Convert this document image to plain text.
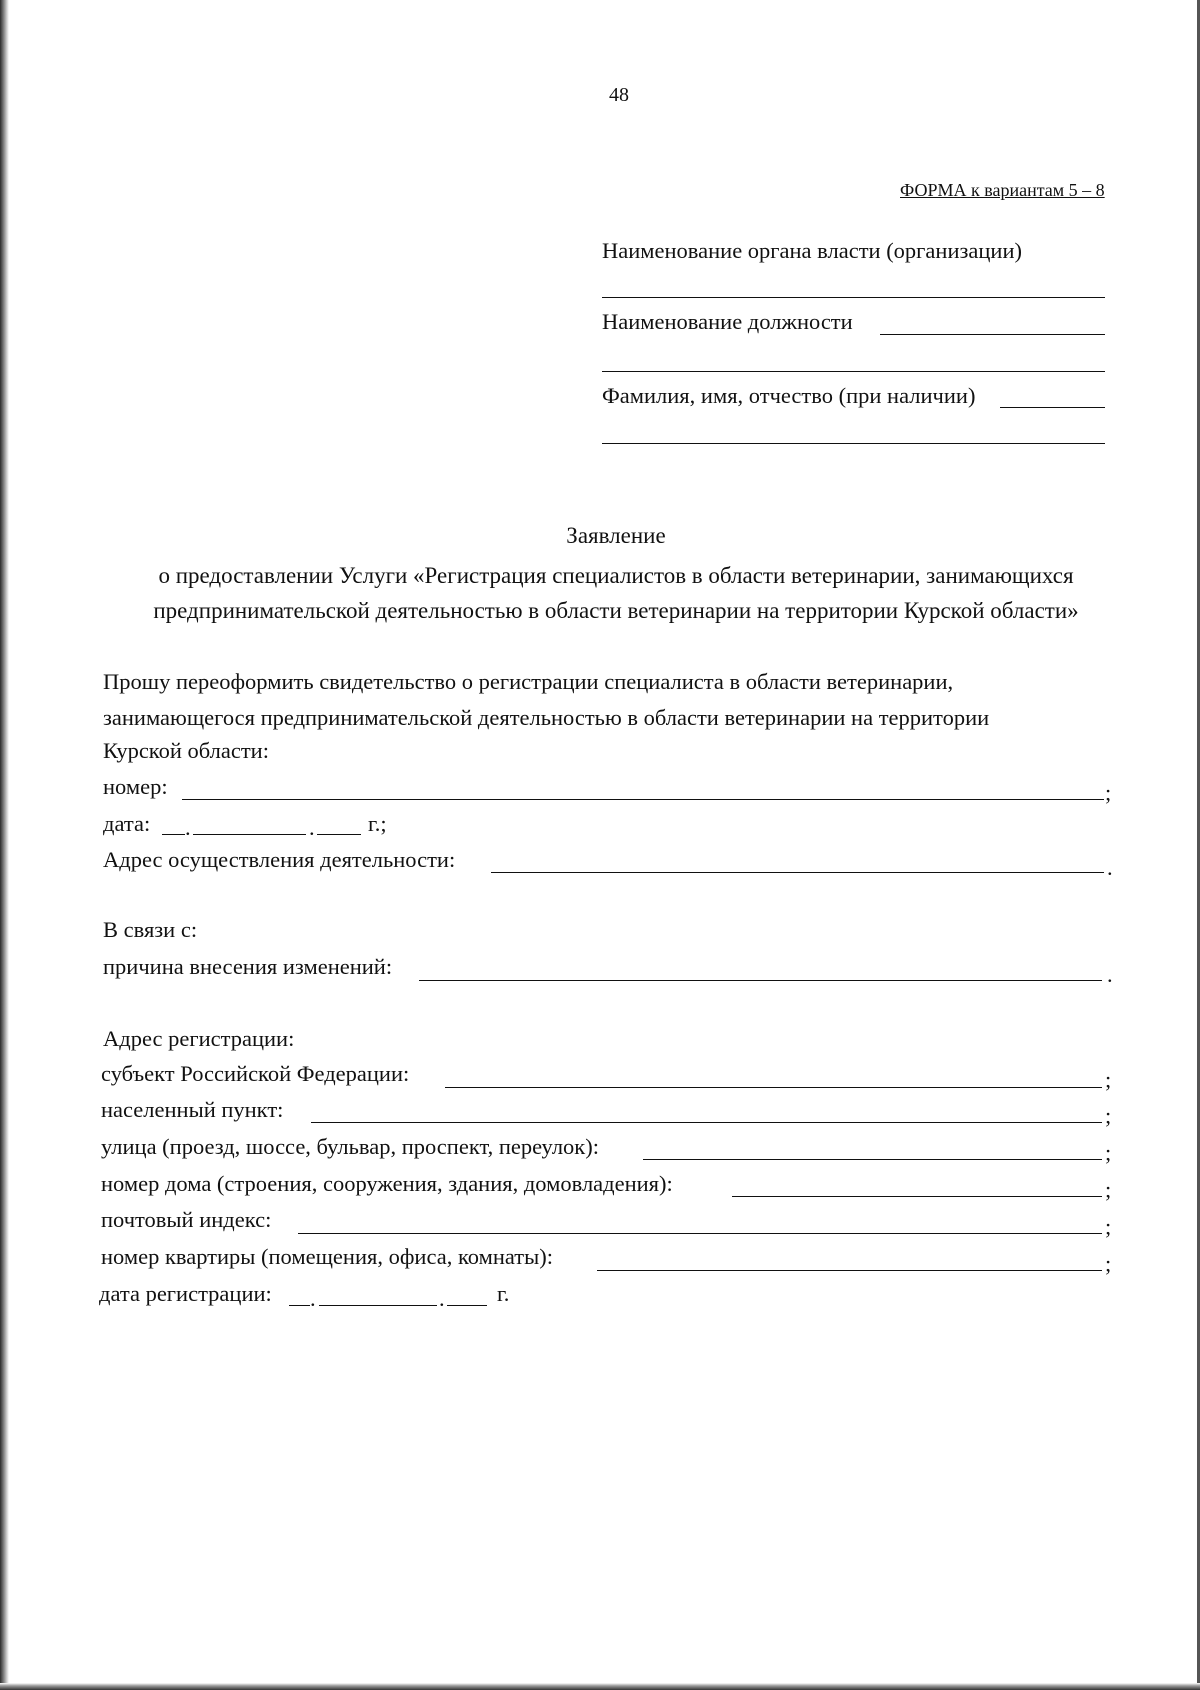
48
ФОРМА к вариантам 5 – 8
Наименование органа власти (организации)
Наименование должности
Фамилия, имя, отчество (при наличии)
Заявление
о предоставлении Услуги «Регистрация специалистов в области ветеринарии, занимающихся
предпринимательской деятельностью в области ветеринарии на территории Курской области»
Прошу переоформить свидетельство о регистрации специалиста в области ветеринарии,
занимающегося предпринимательской деятельностью в области ветеринарии на территории
Курской области:
номер:	;
дата: .	. г.;
Адрес осуществления деятельности:	.
В связи с:
причина внесения изменений:	.
Адрес регистрации:
субъект Российской Федерации:	;
населенный пункт:	;
улица (проезд, шоссе, бульвар, проспект, переулок):	;
номер дома (строения, сооружения, здания, домовладения):	;
почтовый индекс:	;
номер квартиры (помещения, офиса, комнаты):	;
дата регистрации: .	. г.
